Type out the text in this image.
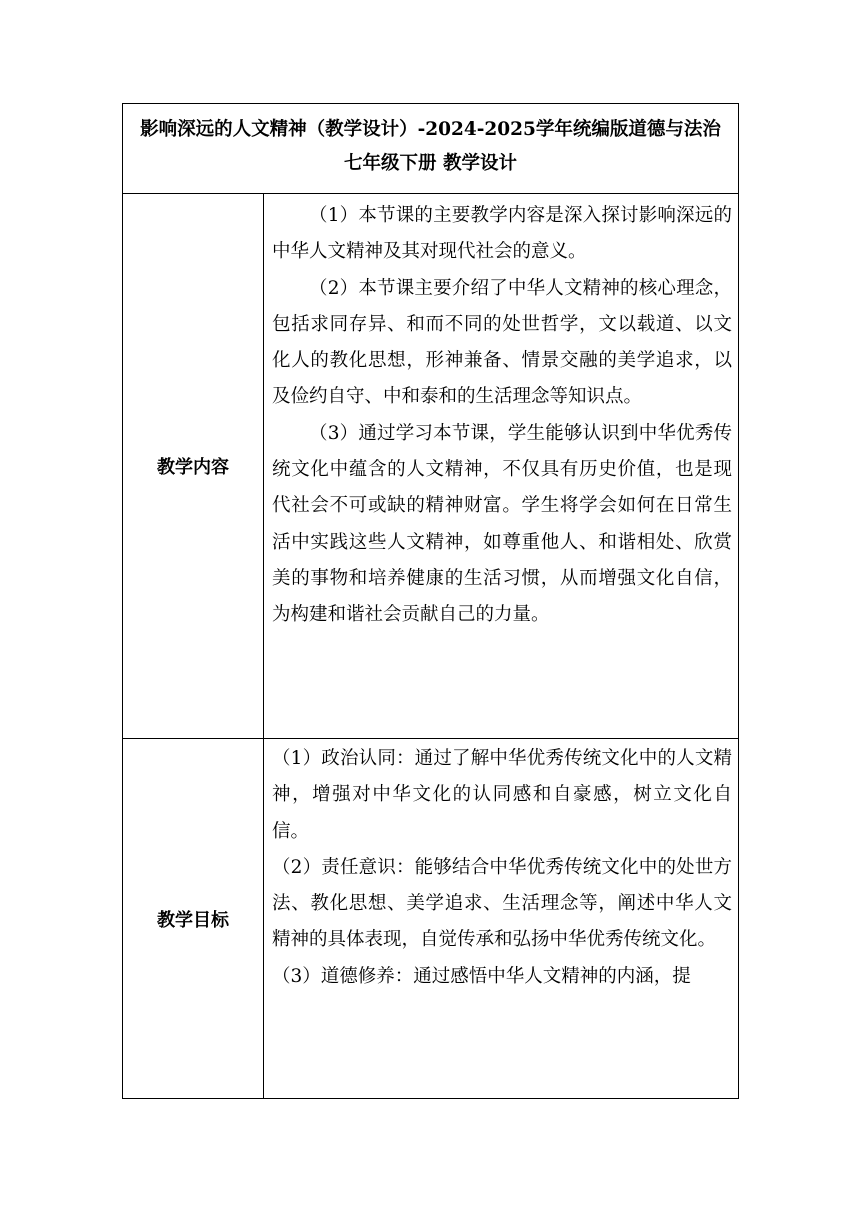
影响深远的人文精神（教学设计）-2024-2025学年统编版道德与法治
七年级下册 教学设计	

教学内容	（1）本节课的主要教学内容是深入探讨影响深远的中华人文精神及其对现代社会的意义。

（2）本节课主要介绍了中华人文精神的核心理念，包括求同存异、和而不同的处世哲学，文以载道、以文化人的教化思想，形神兼备、情景交融的美学追求，以及俭约自守、中和泰和的生活理念等知识点。

（3）通过学习本节课，学生能够认识到中华优秀传统文化中蕴含的人文精神，不仅具有历史价值，也是现代社会不可或缺的精神财富。学生将学会如何在日常生活中实践这些人文精神，如尊重他人、和谐相处、欣赏美的事物和培养健康的生活习惯，从而增强文化自信，为构建和谐社会贡献自己的力量。

教学目标	（1）政治认同：通过了解中华优秀传统文化中的人文精神，增强对中华文化的认同感和自豪感，树立文化自信。

（2）责任意识：能够结合中华优秀传统文化中的处世方法、教化思想、美学追求、生活理念等，阐述中华人文精神的具体表现，自觉传承和弘扬中华优秀传统文化。

（3）道德修养：通过感悟中华人文精神的内涵，提
